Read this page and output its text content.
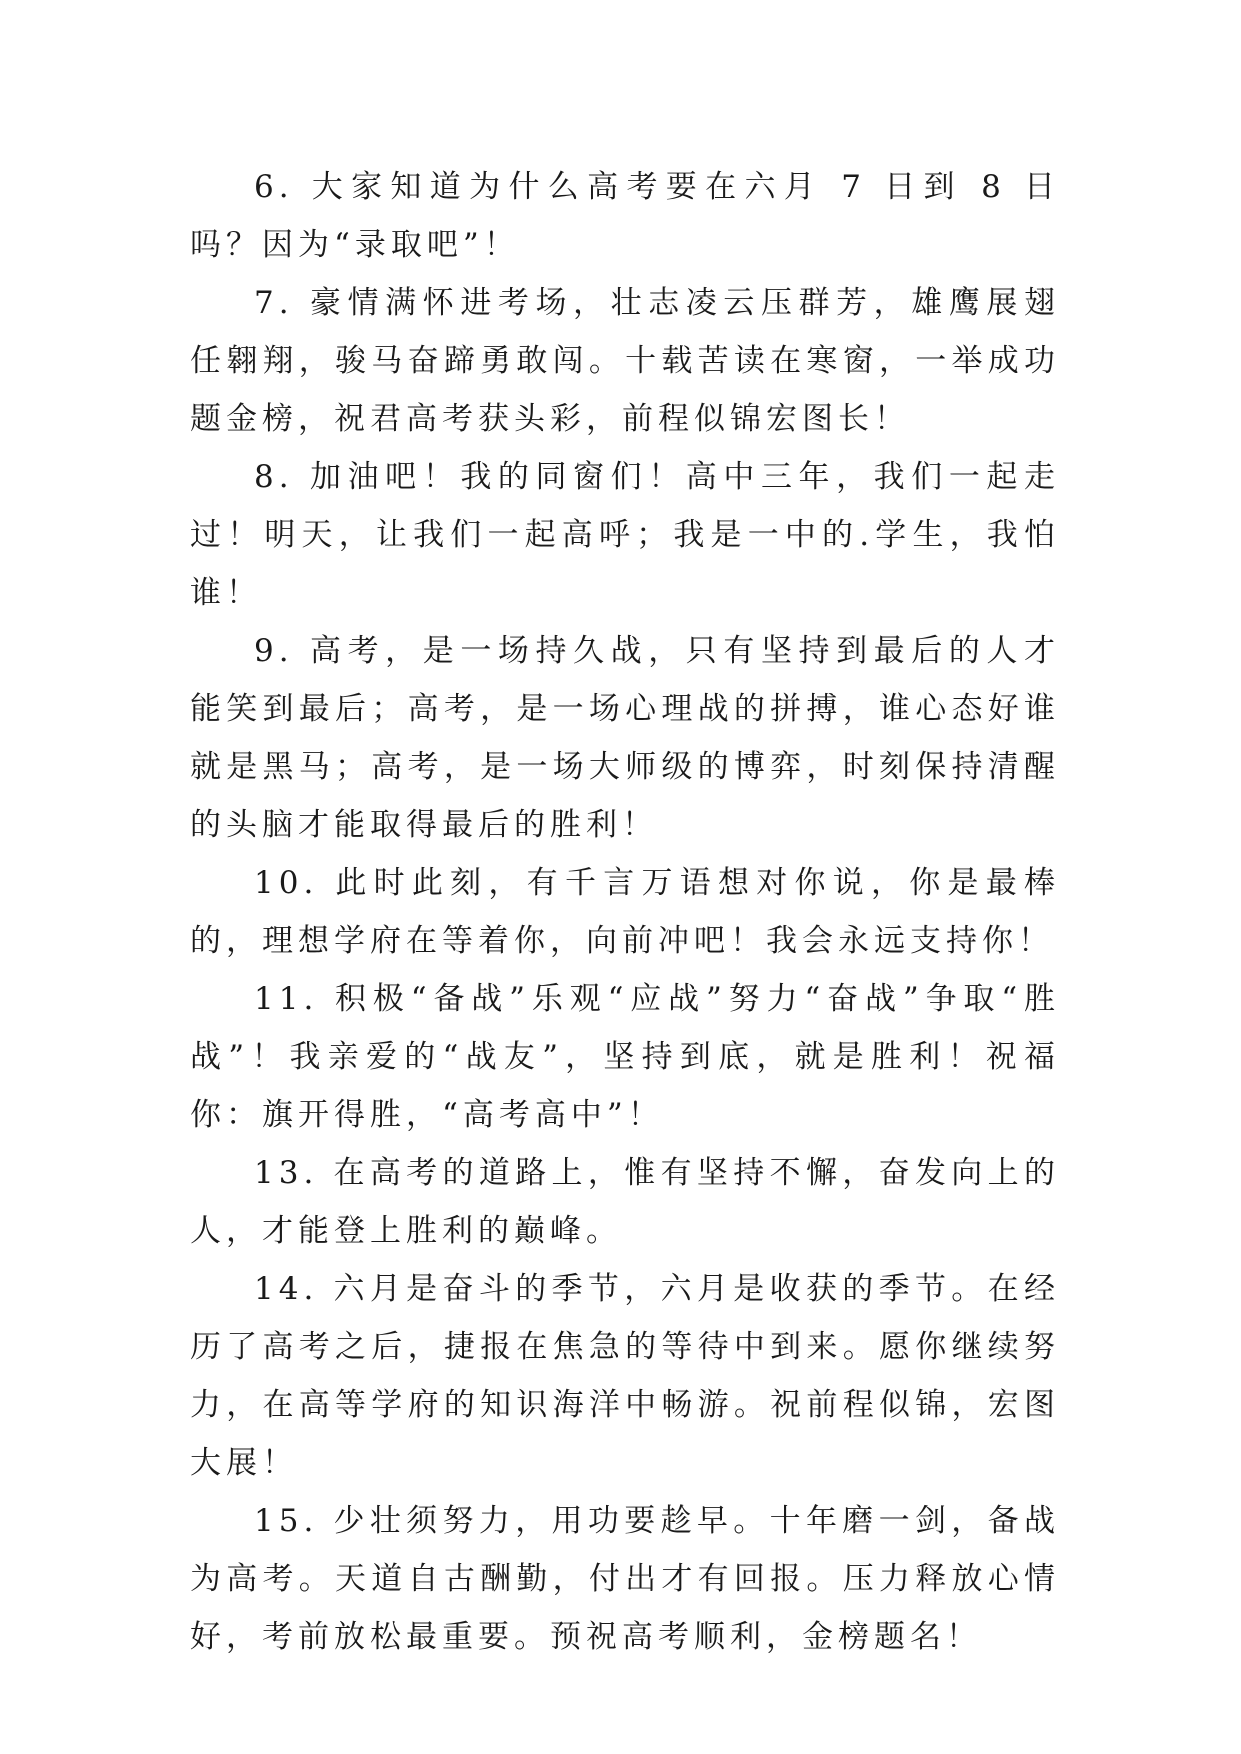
6. 大家知道为什么高考要在六月 7 日到 8 日吗？因为“录取吧”！

7. 豪情满怀进考场，壮志凌云压群芳，雄鹰展翅任翱翔，骏马奋蹄勇敢闯。十载苦读在寒窗，一举成功题金榜，祝君高考获头彩，前程似锦宏图长！

8. 加油吧！我的同窗们！高中三年，我们一起走过！明天，让我们一起高呼；我是一中的.学生，我怕谁！

9. 高考，是一场持久战，只有坚持到最后的人才能笑到最后；高考，是一场心理战的拼搏，谁心态好谁就是黑马；高考，是一场大师级的博弈，时刻保持清醒的头脑才能取得最后的胜利！

10. 此时此刻，有千言万语想对你说，你是最棒的，理想学府在等着你，向前冲吧！我会永远支持你！

11. 积极“备战”乐观“应战”努力“奋战”争取“胜战”！我亲爱的“战友”，坚持到底，就是胜利！祝福你：旗开得胜，“高考高中”！

13. 在高考的道路上，惟有坚持不懈，奋发向上的人，才能登上胜利的巅峰。

14. 六月是奋斗的季节，六月是收获的季节。在经历了高考之后，捷报在焦急的等待中到来。愿你继续努力，在高等学府的知识海洋中畅游。祝前程似锦，宏图大展！

15. 少壮须努力，用功要趁早。十年磨一剑，备战为高考。天道自古酬勤，付出才有回报。压力释放心情好，考前放松最重要。预祝高考顺利，金榜题名！
